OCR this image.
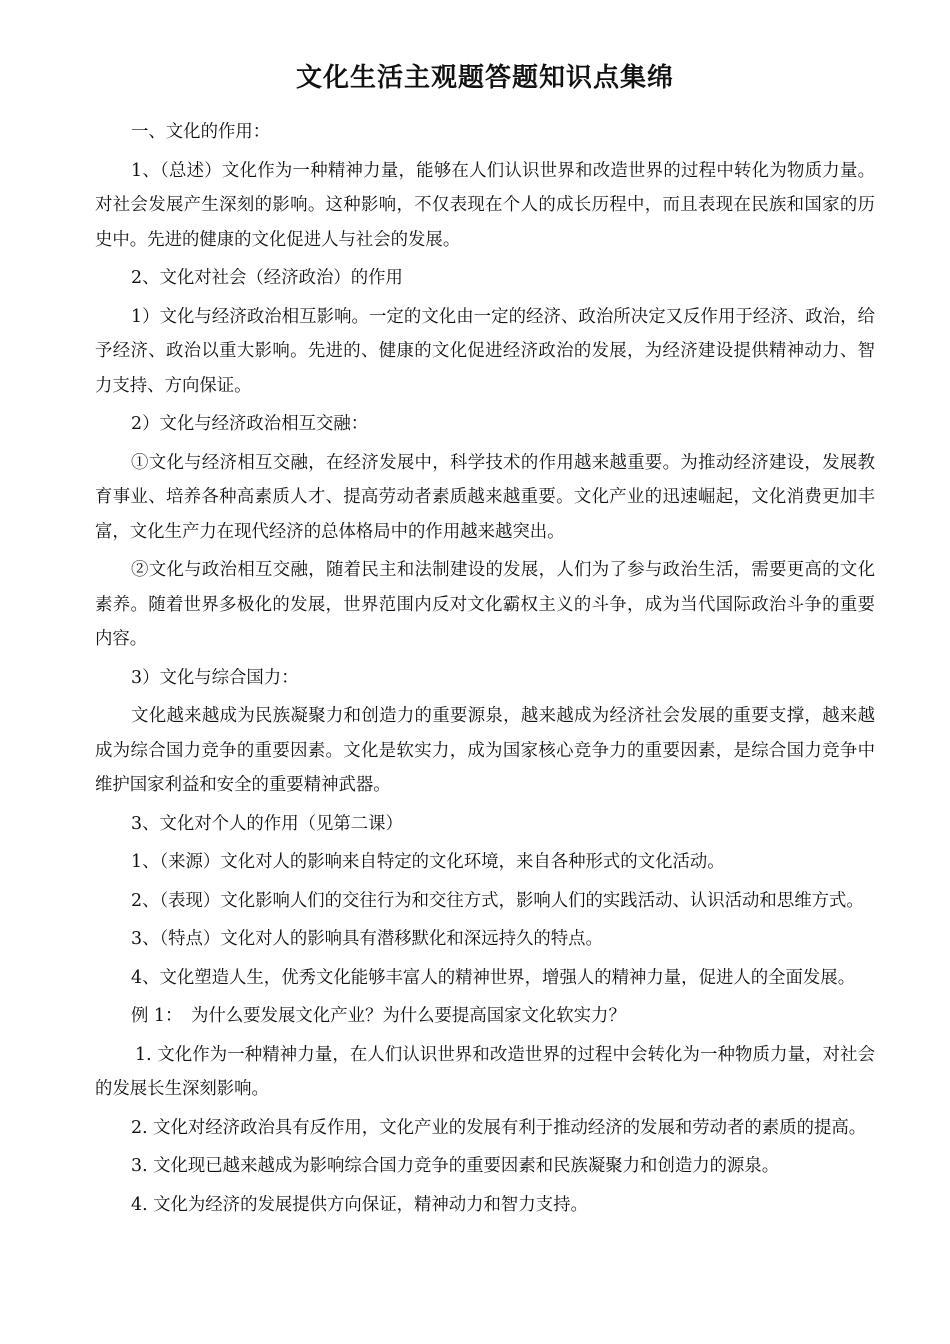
文化生活主观题答题知识点集绵

一、文化的作用：

1、（总述）文化作为一种精神力量，能够在人们认识世界和改造世界的过程中转化为物质力量。对社会发展产生深刻的影响。这种影响，不仅表现在个人的成长历程中，而且表现在民族和国家的历史中。先进的健康的文化促进人与社会的发展。

2、文化对社会（经济政治）的作用

1）文化与经济政治相互影响。一定的文化由一定的经济、政治所决定又反作用于经济、政治，给予经济、政治以重大影响。先进的、健康的文化促进经济政治的发展，为经济建设提供精神动力、智力支持、方向保证。

2）文化与经济政治相互交融：

①文化与经济相互交融，在经济发展中，科学技术的作用越来越重要。为推动经济建设，发展教育事业、培养各种高素质人才、提高劳动者素质越来越重要。文化产业的迅速崛起，文化消费更加丰富，文化生产力在现代经济的总体格局中的作用越来越突出。

②文化与政治相互交融，随着民主和法制建设的发展，人们为了参与政治生活，需要更高的文化素养。随着世界多极化的发展，世界范围内反对文化霸权主义的斗争，成为当代国际政治斗争的重要内容。

3）文化与综合国力：

文化越来越成为民族凝聚力和创造力的重要源泉，越来越成为经济社会发展的重要支撑，越来越成为综合国力竞争的重要因素。文化是软实力，成为国家核心竞争力的重要因素，是综合国力竞争中维护国家利益和安全的重要精神武器。

3、文化对个人的作用（见第二课）

1、（来源）文化对人的影响来自特定的文化环境，来自各种形式的文化活动。

2、（表现）文化影响人们的交往行为和交往方式，影响人们的实践活动、认识活动和思维方式。

3、（特点）文化对人的影响具有潜移默化和深远持久的特点。

4、文化塑造人生，优秀文化能够丰富人的精神世界，增强人的精神力量，促进人的全面发展。

例 1：　为什么要发展文化产业？为什么要提高国家文化软实力？

1. 文化作为一种精神力量，在人们认识世界和改造世界的过程中会转化为一种物质力量，对社会的发展长生深刻影响。

2. 文化对经济政治具有反作用，文化产业的发展有利于推动经济的发展和劳动者的素质的提高。

3. 文化现已越来越成为影响综合国力竞争的重要因素和民族凝聚力和创造力的源泉。

4. 文化为经济的发展提供方向保证，精神动力和智力支持。
